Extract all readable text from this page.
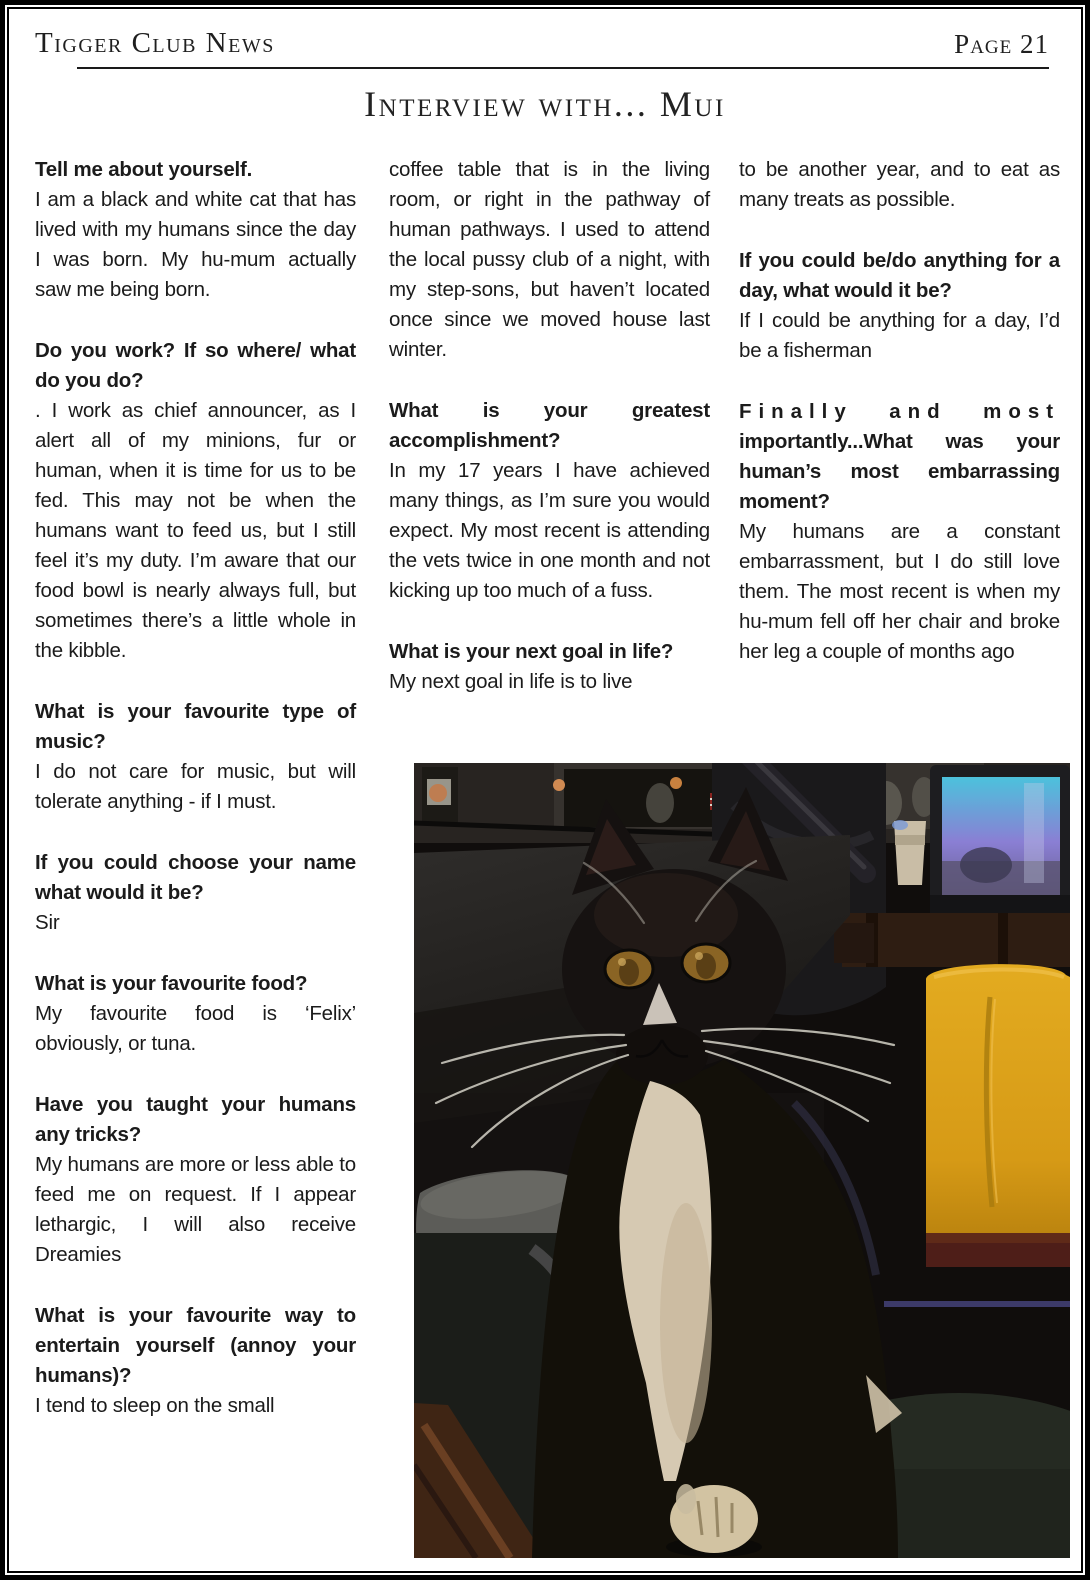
Tigger Club News	Page 21
Interview with... Mui

Tell me about yourself.

I am a black and white cat that has lived with my humans since the day I was born. My hu-mum actually saw me being born.

Do you work? If so where/ what do you do?

. I work as chief announcer, as I alert all of my minions, fur or human, when it is time for us to be fed. This may not be when the humans want to feed us, but I still feel it’s my duty. I’m aware that our food bowl is nearly always full, but sometimes there’s a little whole in the kibble.

What is your favourite type of music?

I do not care for music, but will tolerate anything - if I must.

If you could choose your name what would it be?

Sir

What is your favourite food?

My favourite food is ‘Felix’ obviously, or tuna.

Have you taught your humans any tricks?

My humans are more or less able to feed me on request. If I appear lethargic, I will also receive Dreamies

What is your favourite way to entertain yourself (annoy your humans)?

I tend to sleep on the small

coffee table that is in the living room, or right in the pathway of human pathways. I used to attend the local pussy club of a night, with my step-sons, but haven’t located once since we moved house last winter.

What is your greatest accomplishment?

In my 17 years I have achieved many things, as I’m sure you would expect. My most recent is attending the vets twice in one month and not kicking up too much of a fuss.

What is your next goal in life?

My next goal in life is to live

to be another year, and to eat as many treats as possible.

If you could be/do anything for a day, what would it be?

If I could be anything for a day, I’d be a fisherman

Finally and most
importantly...What was your human’s most embarrassing moment?

My humans are a constant embarrassment, but I do still love them. The most recent is when my hu-mum fell off her chair and broke her leg a couple of months ago
